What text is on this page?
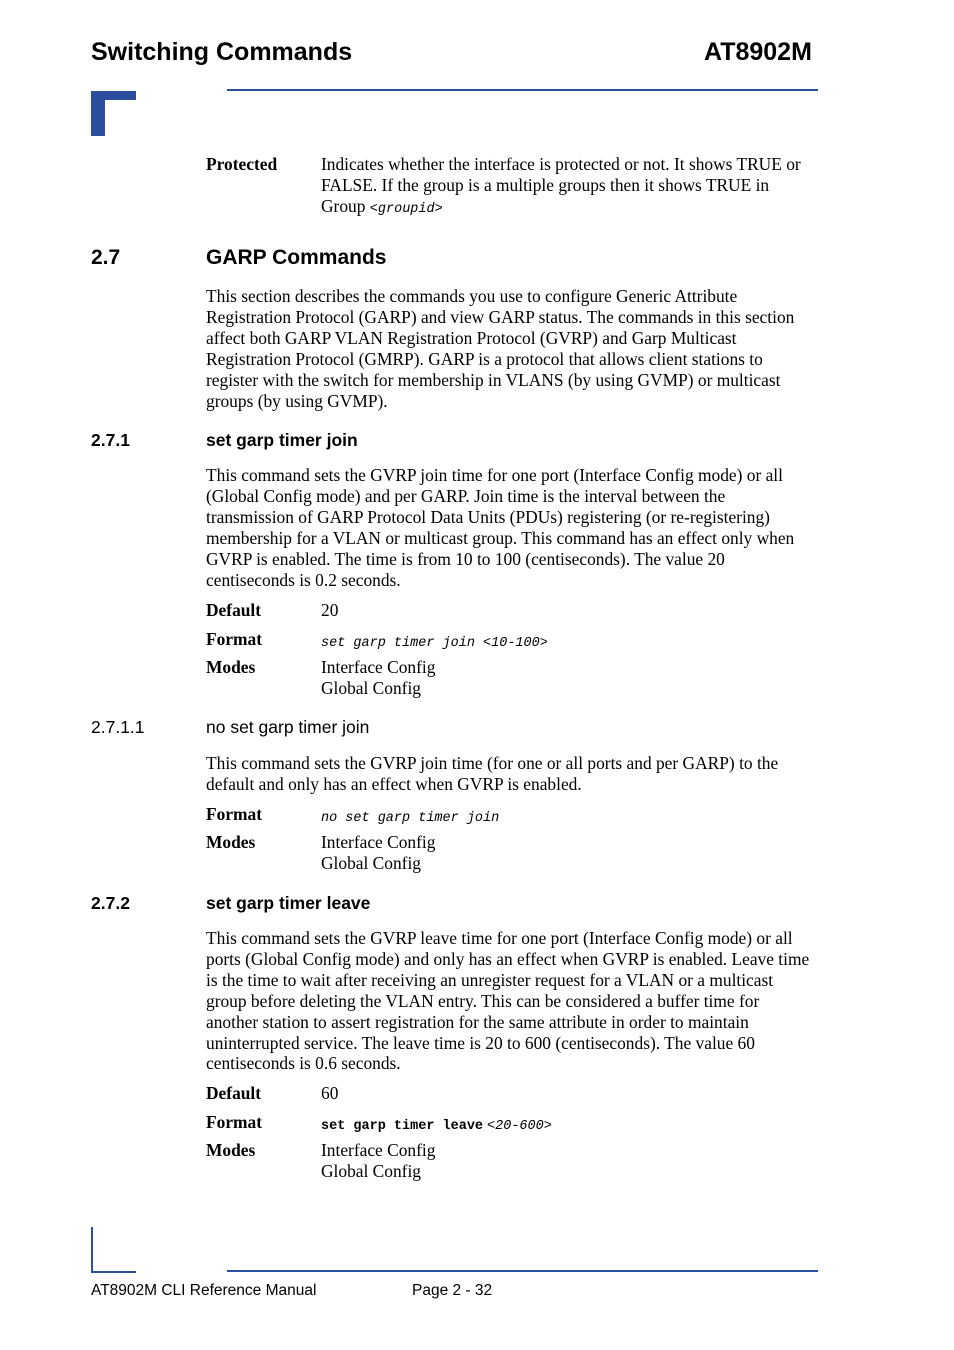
Switching Commands	AT8902M
Protected	Indicates whether the interface is protected or not. It shows TRUE or
FALSE. If the group is a multiple groups then it shows TRUE in
Group <groupid>
2.7	GARP Commands
This section describes the commands you use to configure Generic Attribute
Registration Protocol (GARP) and view GARP status. The commands in this section
affect both GARP VLAN Registration Protocol (GVRP) and Garp Multicast
Registration Protocol (GMRP). GARP is a protocol that allows client stations to
register with the switch for membership in VLANS (by using GVMP) or multicast
groups (by using GVMP).
2.7.1	set garp timer join
This command sets the GVRP join time for one port (Interface Config mode) or all
(Global Config mode) and per GARP. Join time is the interval between the
transmission of GARP Protocol Data Units (PDUs) registering (or re-registering)
membership for a VLAN or multicast group. This command has an effect only when
GVRP is enabled. The time is from 10 to 100 (centiseconds). The value 20
centiseconds is 0.2 seconds.
Default	20
Format	set garp timer join <10-100>
Modes	Interface Config
Global Config
2.7.1.1	no set garp timer join
This command sets the GVRP join time (for one or all ports and per GARP) to the
default and only has an effect when GVRP is enabled.
Format	no set garp timer join
Modes	Interface Config
Global Config
2.7.2	set garp timer leave
This command sets the GVRP leave time for one port (Interface Config mode) or all
ports (Global Config mode) and only has an effect when GVRP is enabled. Leave time
is the time to wait after receiving an unregister request for a VLAN or a multicast
group before deleting the VLAN entry. This can be considered a buffer time for
another station to assert registration for the same attribute in order to maintain
uninterrupted service. The leave time is 20 to 600 (centiseconds). The value 60
centiseconds is 0.6 seconds.
Default	60
Format	set garp timer leave <20-600>
Modes	Interface Config
Global Config
AT8902M CLI Reference Manual	Page 2 - 32
